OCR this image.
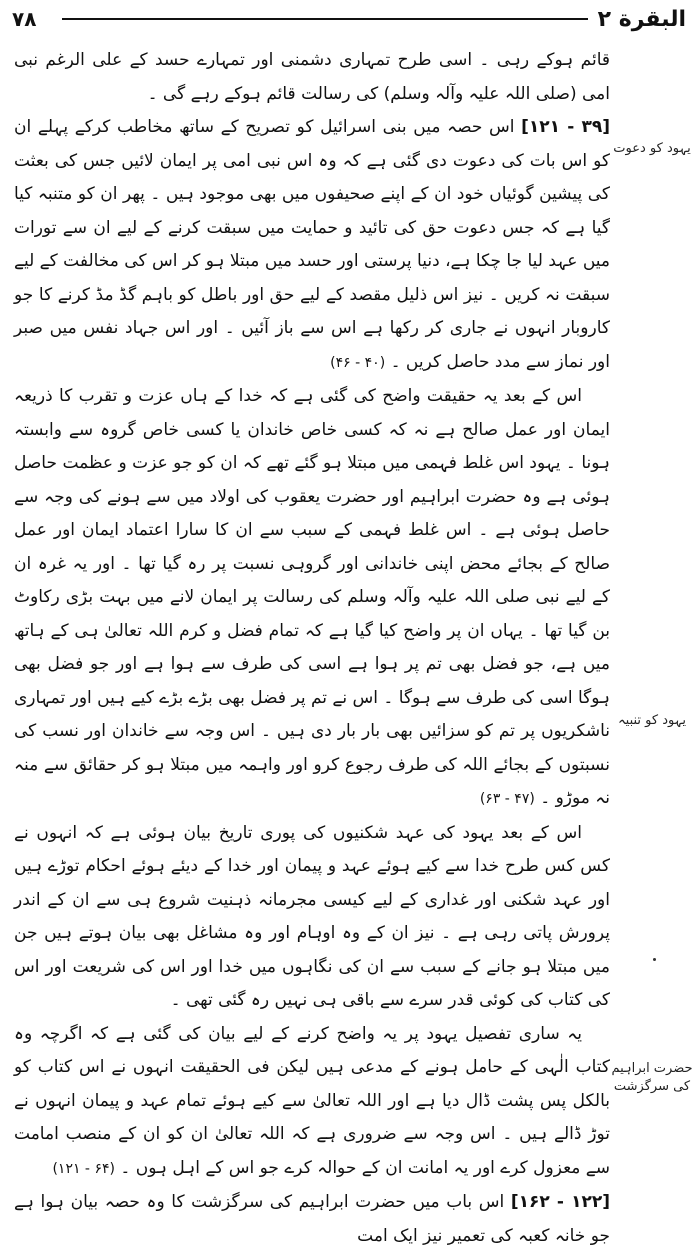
۷۸	البقرة ٢

قائم ہوکے رہی ۔ اسی طرح تمہاری دشمنی اور تمہارے حسد کے علی الرغم نبی امی (صلی اللہ علیہ وآلہ وسلم) کی رسالت قائم ہوکے رہے گی ۔

[۳۹ - ۱۲۱] اس حصہ میں بنی اسرائیل کو تصریح کے ساتھ مخاطب کرکے پہلے ان کو اس بات کی دعوت دی گئی ہے کہ وہ اس نبی امی پر ایمان لائیں جس کی بعثت کی پیشین گوئیاں خود ان کے اپنے صحیفوں میں بھی موجود ہیں ۔ پھر ان کو متنبہ کیا گیا ہے کہ جس دعوت حق کی تائید و حمایت میں سبقت کرنے کے لیے ان سے تورات میں عہد لیا جا چکا ہے، دنیا پرستی اور حسد میں مبتلا ہو کر اس کی مخالفت کے لیے سبقت نہ کریں ۔ نیز اس ذلیل مقصد کے لیے حق اور باطل کو باہم گڈ مڈ کرنے کا جو کاروبار انہوں نے جاری کر رکھا ہے اس سے باز آئیں ۔ اور اس جہاد نفس میں صبر اور نماز سے مدد حاصل کریں ۔ (۴۰ - ۴۶)

اس کے بعد یہ حقیقت واضح کی گئی ہے کہ خدا کے ہاں عزت و تقرب کا ذریعہ ایمان اور عمل صالح ہے نہ کہ کسی خاص خاندان یا کسی خاص گروہ سے وابستہ ہونا ۔ یہود اس غلط فہمی میں مبتلا ہو گئے تھے کہ ان کو جو عزت و عظمت حاصل ہوئی ہے وہ حضرت ابراہیم اور حضرت یعقوب کی اولاد میں سے ہونے کی وجہ سے حاصل ہوئی ہے ۔ اس غلط فہمی کے سبب سے ان کا سارا اعتماد ایمان اور عمل صالح کے بجائے محض اپنی خاندانی اور گروہی نسبت پر رہ گیا تھا ۔ اور یہ غرہ ان کے لیے نبی صلی اللہ علیہ وآلہ وسلم کی رسالت پر ایمان لانے میں بہت بڑی رکاوٹ بن گیا تھا ۔ یہاں ان پر واضح کیا گیا ہے کہ تمام فضل و کرم اللہ تعالیٰ ہی کے ہاتھ میں ہے، جو فضل بھی تم پر ہوا ہے اسی کی طرف سے ہوا ہے اور جو فضل بھی ہوگا اسی کی طرف سے ہوگا ۔ اس نے تم پر فضل بھی بڑے بڑے کیے ہیں اور تمہاری ناشکریوں پر تم کو سزائیں بھی بار بار دی ہیں ۔ اس وجہ سے خاندان اور نسب کی نسبتوں کے بجائے اللہ کی طرف رجوع کرو اور واہمہ میں مبتلا ہو کر حقائق سے منہ نہ موڑو ۔ (۴۷ - ۶۳)

اس کے بعد یہود کی عہد شکنیوں کی پوری تاریخ بیان ہوئی ہے کہ انہوں نے کس کس طرح خدا سے کیے ہوئے عہد و پیمان اور خدا کے دیئے ہوئے احکام توڑے ہیں اور عہد شکنی اور غداری کے لیے کیسی مجرمانہ ذہنیت شروع ہی سے ان کے اندر پرورش پاتی رہی ہے ۔ نیز ان کے وہ اوہام اور وہ مشاغل بھی بیان ہوتے ہیں جن میں مبتلا ہو جانے کے سبب سے ان کی نگاہوں میں خدا اور اس کی شریعت اور اس کی کتاب کی کوئی قدر سرے سے باقی ہی نہیں رہ گئی تھی ۔

یہ ساری تفصیل یہود پر یہ واضح کرنے کے لیے بیان کی گئی ہے کہ اگرچہ وہ کتاب الٰہی کے حامل ہونے کے مدعی ہیں لیکن فی الحقیقت انہوں نے اس کتاب کو بالکل پس پشت ڈال دیا ہے اور اللہ تعالیٰ سے کیے ہوئے تمام عہد و پیمان انہوں نے توڑ ڈالے ہیں ۔ اس وجہ سے ضروری ہے کہ اللہ تعالیٰ ان کو ان کے منصب امامت سے معزول کرے اور یہ امانت ان کے حوالہ کرے جو اس کے اہل ہوں ۔ (۶۴ - ۱۲۱)

[۱۲۲ - ۱۶۲] اس باب میں حضرت ابراہیم کی سرگزشت کا وہ حصہ بیان ہوا ہے جو خانہ کعبہ کی تعمیر نیز ایک امت

یہود کو دعوت
یہود کو تنبیہ
حضرت ابراہیم کی سرگزشت
